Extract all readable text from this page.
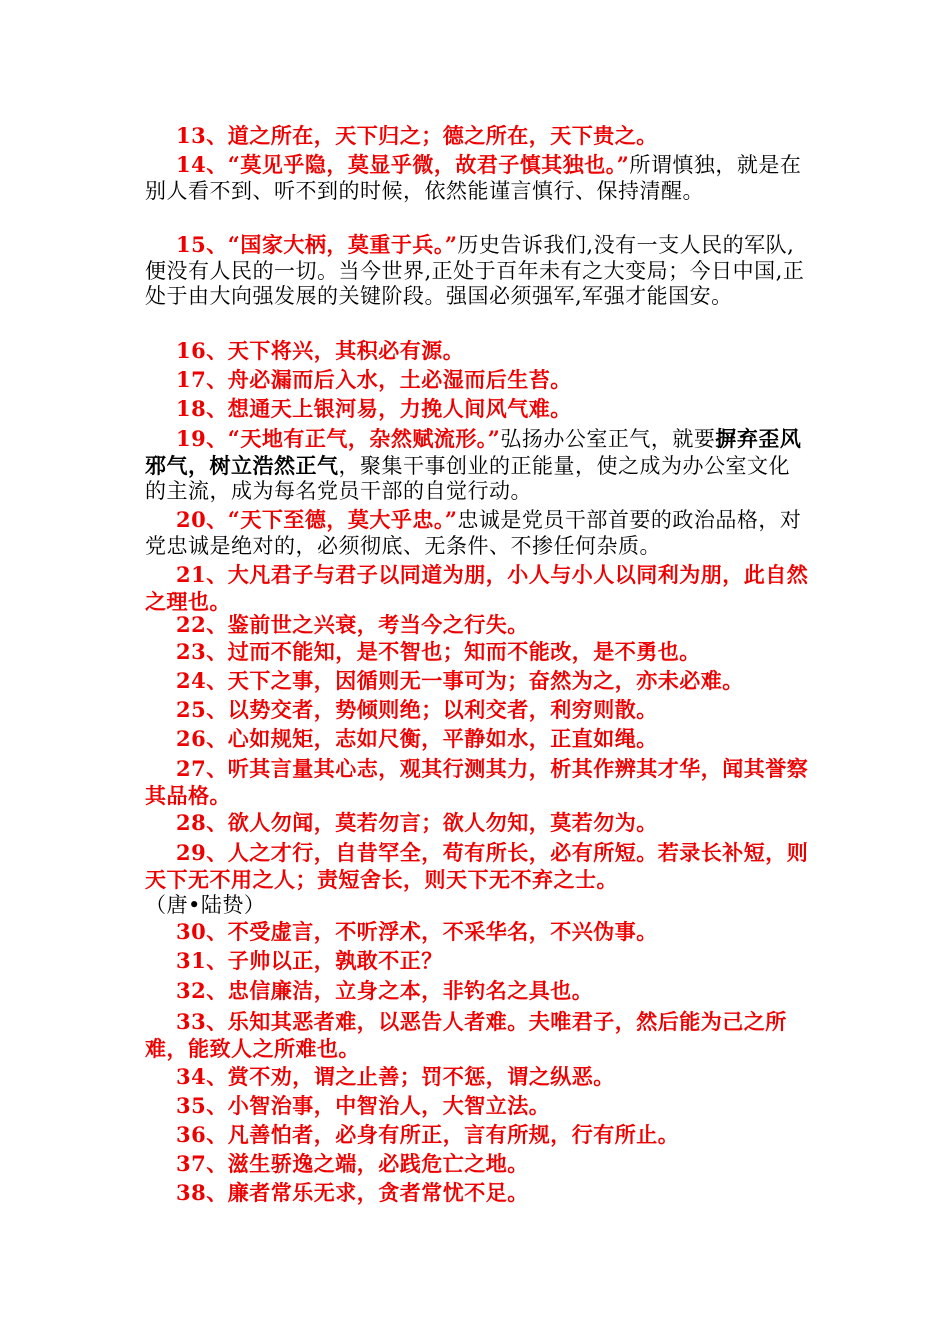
13、道之所在，天下归之；德之所在，天下贵之。

14、“莫见乎隐，莫显乎微，故君子慎其独也。”所谓慎独，就是在别人看不到、听不到的时候，依然能谨言慎行、保持清醒。

15、“国家大柄，莫重于兵。”历史告诉我们,没有一支人民的军队,便没有人民的一切。当今世界,正处于百年未有之大变局；今日中国,正处于由大向强发展的关键阶段。强国必须强军,军强才能国安。

16、天下将兴，其积必有源。

17、舟必漏而后入水，土必湿而后生苔。

18、想通天上银河易，力挽人间风气难。

19、“天地有正气，杂然赋流形。”弘扬办公室正气，就要摒弃歪风邪气，树立浩然正气，聚集干事创业的正能量，使之成为办公室文化的主流，成为每名党员干部的自觉行动。

20、“天下至德，莫大乎忠。”忠诚是党员干部首要的政治品格，对党忠诚是绝对的，必须彻底、无条件、不掺任何杂质。

21、大凡君子与君子以同道为朋，小人与小人以同利为朋，此自然之理也。

22、鉴前世之兴衰，考当今之行失。

23、过而不能知，是不智也；知而不能改，是不勇也。

24、天下之事，因循则无一事可为；奋然为之，亦未必难。

25、以势交者，势倾则绝；以利交者，利穷则散。

26、心如规矩，志如尺衡，平静如水，正直如绳。

27、听其言量其心志，观其行测其力，析其作辨其才华，闻其誉察其品格。

28、欲人勿闻，莫若勿言；欲人勿知，莫若勿为。

29、人之才行，自昔罕全，苟有所长，必有所短。若录长补短，则天下无不用之人；责短舍长，则天下无不弃之士。
（唐•陆贽）

30、不受虚言，不听浮术，不采华名，不兴伪事。

31、子帅以正，孰敢不正？

32、忠信廉洁，立身之本，非钓名之具也。

33、乐知其恶者难，以恶告人者难。夫唯君子，然后能为己之所难，能致人之所难也。

34、赏不劝，谓之止善；罚不惩，谓之纵恶。

35、小智治事，中智治人，大智立法。

36、凡善怕者，必身有所正，言有所规，行有所止。

37、滋生骄逸之端，必践危亡之地。

38、廉者常乐无求，贪者常忧不足。
